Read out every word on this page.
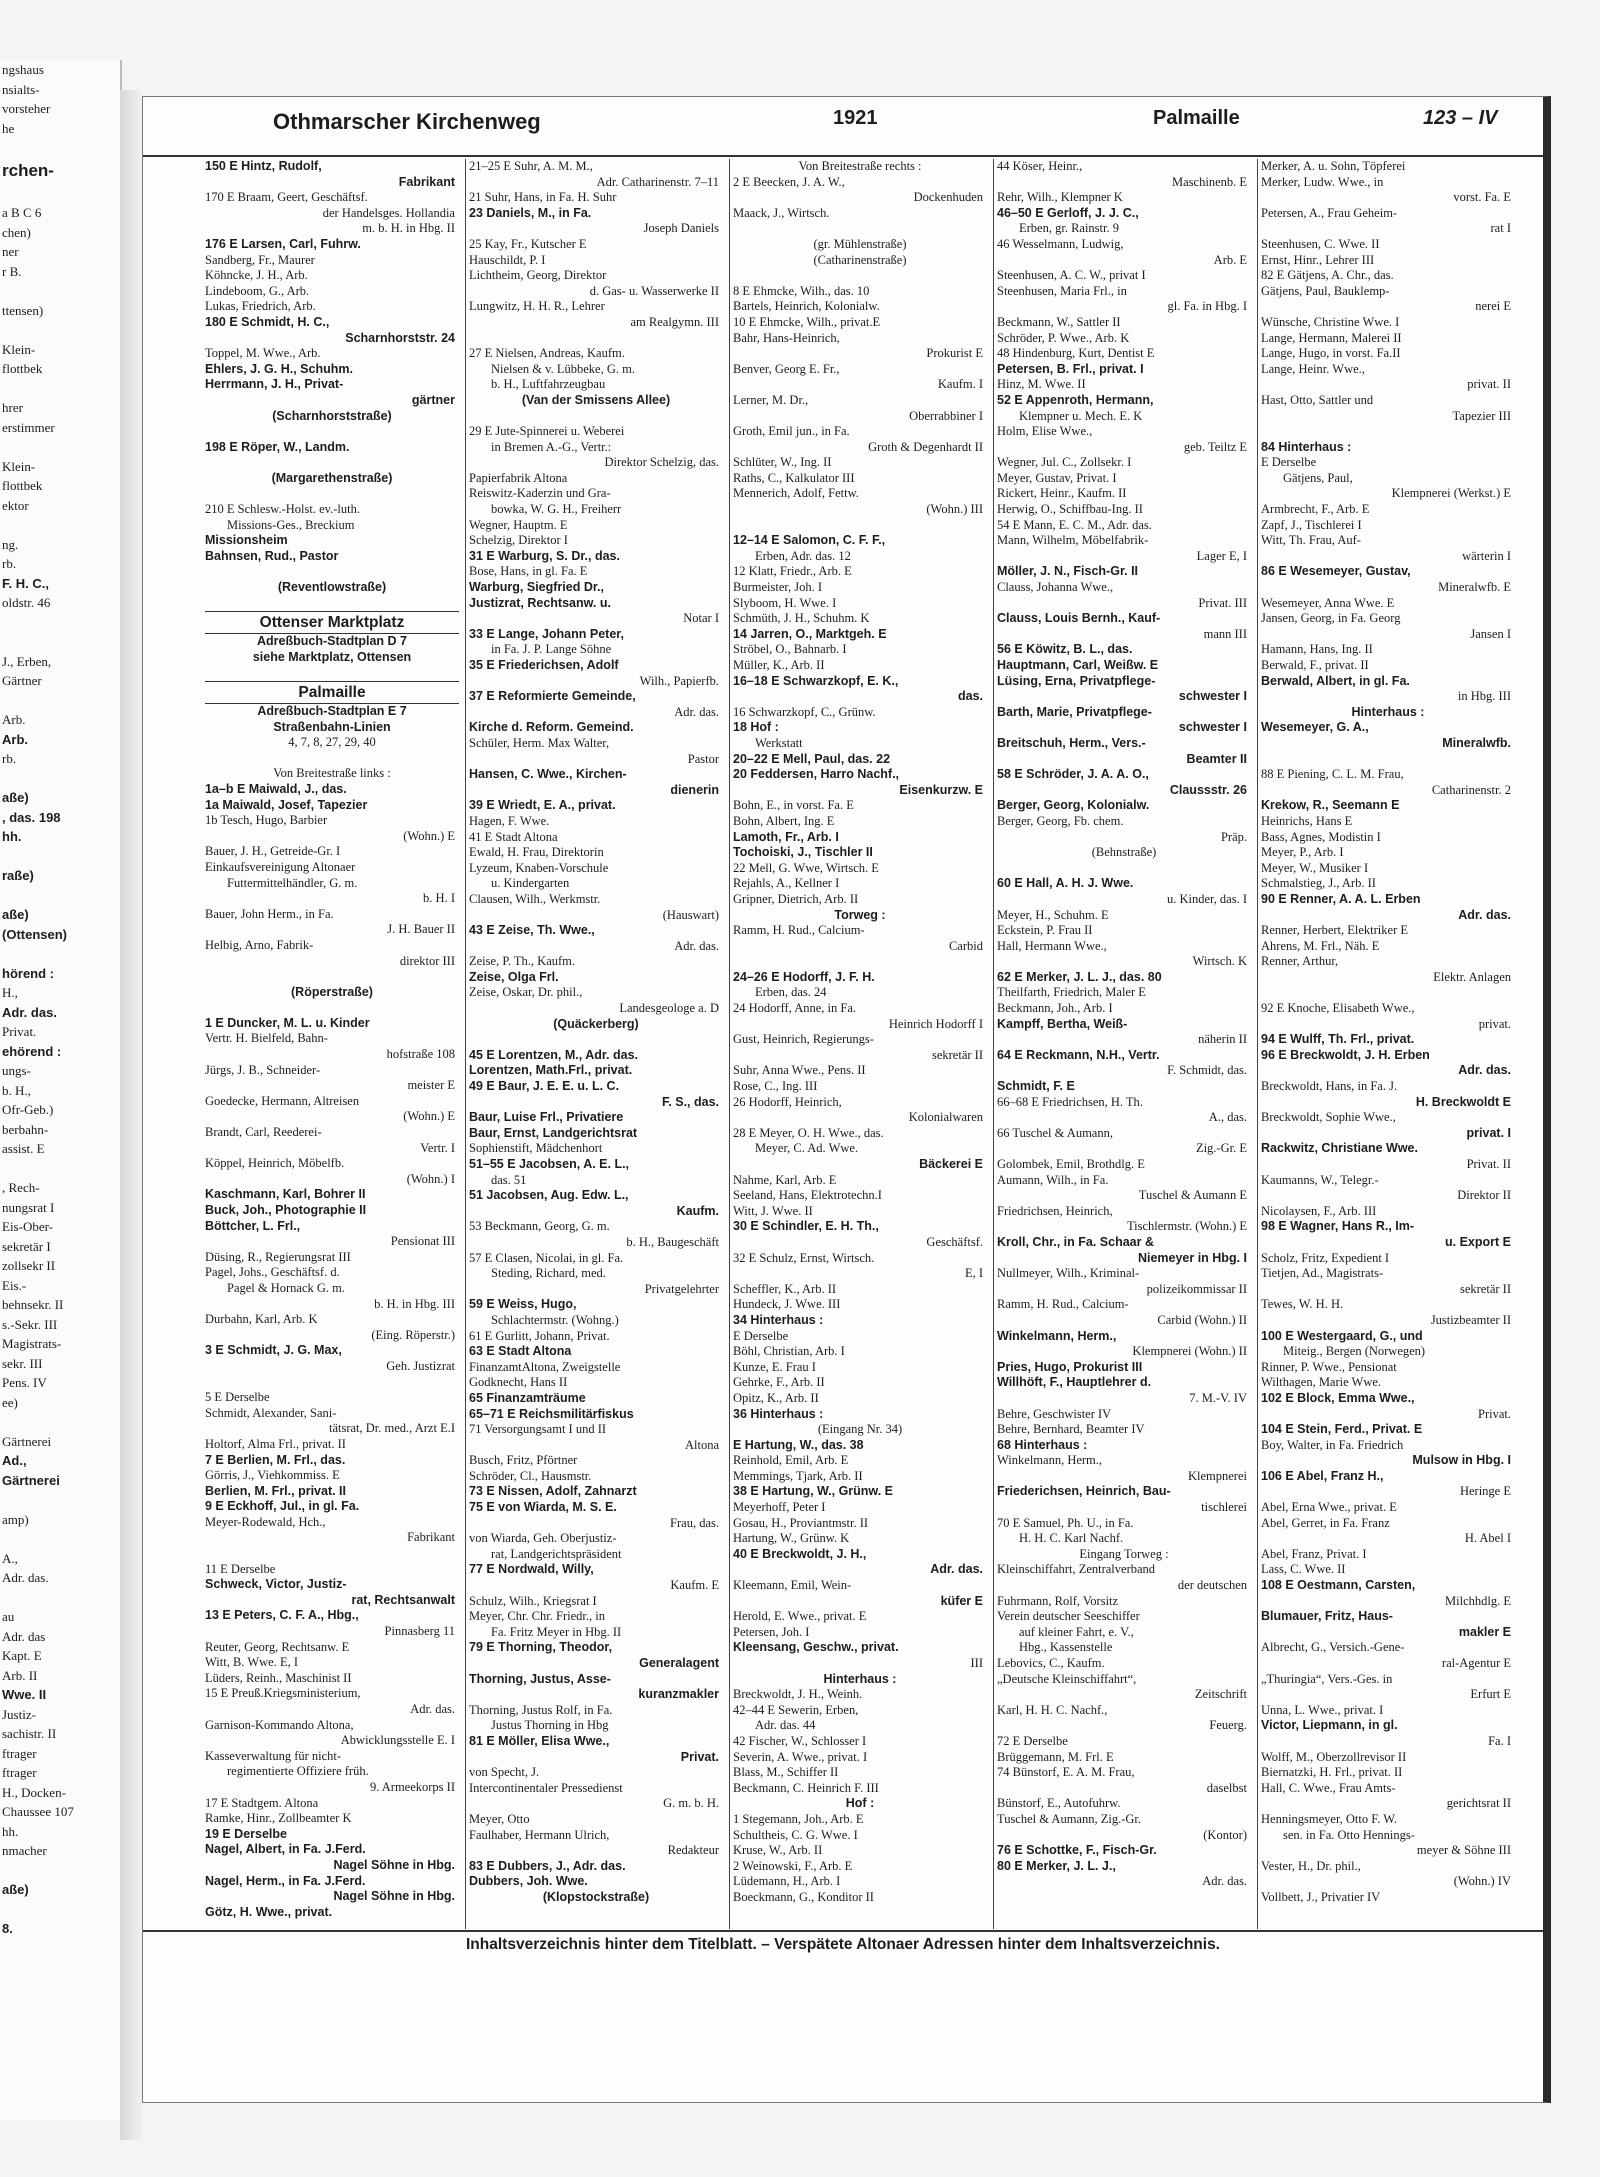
ngshaus
nsialts-
vorsteher
he

rchen-

a B C 6
chen)
ner
r B.

ttensen)

Klein-
flottbek

hrer
erstimmer

Klein-
flottbek
ektor

ng.
rb.
F. H. C.,
oldstr. 46

J., Erben,
Gärtner

Arb.
Arb.
rb.

aße)
, das. 198
hh.

raße)

aße)
(Ottensen)

hörend :
H.,
Adr. das.
Privat.
ehörend :
ungs-
b. H.,
Ofr-Geb.)
berbahn-
assist. E

, Rech-
nungsrat I
Eis-Ober-
sekretär I
zollsekr II
Eis.-
behnsekr. II
s.-Sekr. III
Magistrats-
sekr. III
Pens. IV
ee)

Gärtnerei
Ad.,
Gärtnerei

amp)

A.,
Adr. das.

au
Adr. das
Kapt. E
Arb. II
Wwe. II
Justiz-
sachistr. II
ftrager
ftrager
H., Docken-
Chaussee 107
hh.
nmacher

aße)

8.
Othmarscher Kirchenweg	1921	Palmaille	123 – IV
150 E Hintz, Rudolf,
Fabrikant
170 E Braam, Geert, Geschäftsf.
der Handelsges. Hollandia
m. b. H. in Hbg. II
176 E Larsen, Carl, Fuhrw.
Sandberg, Fr., Maurer
Köhncke, J. H., Arb.
Lindeboom, G., Arb.
Lukas, Friedrich, Arb.
180 E Schmidt, H. C.,
Scharnhorststr. 24
Toppel, M. Wwe., Arb.
Ehlers, J. G. H., Schuhm.
Herrmann, J. H., Privat-
gärtner
(Scharnhorststraße)

198 E Röper, W., Landm.

(Margarethenstraße)

210 E Schlesw.-Holst. ev.-luth.
Missions-Ges., Breckium
Missionsheim
Bahnsen, Rud., Pastor

(Reventlowstraße)

Ottenser Marktplatz
Adreßbuch-Stadtplan D 7
siehe Marktplatz, Ottensen

Palmaille
Adreßbuch-Stadtplan E 7
Straßenbahn-Linien
4, 7, 8, 27, 29, 40

Von Breitestraße links :
1a–b E Maiwald, J., das.
1a Maiwald, Josef, Tapezier
1b Tesch, Hugo, Barbier
(Wohn.) E
Bauer, J. H., Getreide-Gr. I
Einkaufsvereinigung Altonaer
Futtermittelhändler, G. m.
b. H. I
Bauer, John Herm., in Fa.
J. H. Bauer II
Helbig, Arno, Fabrik-
direktor III

(Röperstraße)

1 E Duncker, M. L. u. Kinder
Vertr. H. Bielfeld, Bahn-
hofstraße 108
Jürgs, J. B., Schneider-
meister E
Goedecke, Hermann, Altreisen
(Wohn.) E
Brandt, Carl, Reederei-
Vertr. I
Köppel, Heinrich, Möbelfb.
(Wohn.) I
Kaschmann, Karl, Bohrer II
Buck, Joh., Photographie II
Böttcher, L. Frl.,
Pensionat III
Düsing, R., Regierungsrat III
Pagel, Johs., Geschäftsf. d.
Pagel & Hornack G. m.
b. H. in Hbg. III
Durbahn, Karl, Arb. K
(Eing. Röperstr.)
3 E Schmidt, J. G. Max,
Geh. Justizrat

5 E Derselbe
Schmidt, Alexander, Sani-
tätsrat, Dr. med., Arzt E.I
Holtorf, Alma Frl., privat. II
7 E Berlien, M. Frl., das.
Görris, J., Viehkommiss. E
Berlien, M. Frl., privat. II
9 E Eckhoff, Jul., in gl. Fa.
Meyer-Rodewald, Hch.,
Fabrikant

11 E Derselbe
Schweck, Victor, Justiz-
rat, Rechtsanwalt
13 E Peters, C. F. A., Hbg.,
Pinnasberg 11
Reuter, Georg, Rechtsanw. E
Witt, B. Wwe. E, I
Lüders, Reinh., Maschinist II
15 E Preuß.Kriegsministerium,
Adr. das.
Garnison-Kommando Altona,
Abwicklungsstelle E. I
Kasseverwaltung für nicht-
regimentierte Offiziere früh.
9. Armeekorps II
17 E Stadtgem. Altona
Ramke, Hinr., Zollbeamter K
19 E Derselbe
Nagel, Albert, in Fa. J.Ferd.
Nagel Söhne in Hbg.
Nagel, Herm., in Fa. J.Ferd.
Nagel Söhne in Hbg.
Götz, H. Wwe., privat.
21–25 E Suhr, A. M. M.,
Adr. Catharinenstr. 7–11
21 Suhr, Hans, in Fa. H. Suhr
23 Daniels, M., in Fa.
Joseph Daniels
25 Kay, Fr., Kutscher E
Hauschildt, P. I
Lichtheim, Georg, Direktor
d. Gas- u. Wasserwerke II
Lungwitz, H. H. R., Lehrer
am Realgymn. III

27 E Nielsen, Andreas, Kaufm.
Nielsen & v. Lübbeke, G. m.
b. H., Luftfahrzeugbau
(Van der Smissens Allee)

29 E Jute-Spinnerei u. Weberei
in Bremen A.-G., Vertr.:
Direktor Schelzig, das.
Papierfabrik Altona
Reiswitz-Kaderzin und Gra-
bowka, W. G. H., Freiherr
Wegner, Hauptm. E
Schelzig, Direktor I
31 E Warburg, S. Dr., das.
Bose, Hans, in gl. Fa. E
Warburg, Siegfried Dr.,
Justizrat, Rechtsanw. u.
Notar I
33 E Lange, Johann Peter,
in Fa. J. P. Lange Söhne
35 E Friederichsen, Adolf
Wilh., Papierfb.
37 E Reformierte Gemeinde,
Adr. das.
Kirche d. Reform. Gemeind.
Schüler, Herm. Max Walter,
Pastor
Hansen, C. Wwe., Kirchen-
dienerin
39 E Wriedt, E. A., privat.
Hagen, F. Wwe.
41 E Stadt Altona
Ewald, H. Frau, Direktorin
Lyzeum, Knaben-Vorschule
u. Kindergarten
Clausen, Wilh., Werkmstr.
(Hauswart)
43 E Zeise, Th. Wwe.,
Adr. das.
Zeise, P. Th., Kaufm.
Zeise, Olga Frl.
Zeise, Oskar, Dr. phil.,
Landesgeologe a. D
(Quäckerberg)

45 E Lorentzen, M., Adr. das.
Lorentzen, Math.Frl., privat.
49 E Baur, J. E. E. u. L. C.
F. S., das.
Baur, Luise Frl., Privatiere
Baur, Ernst, Landgerichtsrat
Sophienstift, Mädchenhort
51–55 E Jacobsen, A. E. L.,
das. 51
51 Jacobsen, Aug. Edw. L.,
Kaufm.
53 Beckmann, Georg, G. m.
b. H., Baugeschäft
57 E Clasen, Nicolai, in gl. Fa.
Steding, Richard, med.
Privatgelehrter
59 E Weiss, Hugo,
Schlachtermstr. (Wohng.)
61 E Gurlitt, Johann, Privat.
63 E Stadt Altona
FinanzamtAltona, Zweigstelle
Godknecht, Hans II
65 Finanzamträume
65–71 E Reichsmilitärfiskus
71 Versorgungsamt I und II
Altona
Busch, Fritz, Pförtner
Schröder, Cl., Hausmstr.
73 E Nissen, Adolf, Zahnarzt
75 E von Wiarda, M. S. E.
Frau, das.
von Wiarda, Geh. Oberjustiz-
rat, Landgerichtspräsident
77 E Nordwald, Willy,
Kaufm. E
Schulz, Wilh., Kriegsrat I
Meyer, Chr. Chr. Friedr., in
Fa. Fritz Meyer in Hbg. II
79 E Thorning, Theodor,
Generalagent
Thorning, Justus, Asse-
kuranzmakler
Thorning, Justus Rolf, in Fa.
Justus Thorning in Hbg
81 E Möller, Elisa Wwe.,
Privat.
von Specht, J.
Intercontinentaler Pressedienst
G. m. b. H.
Meyer, Otto
Faulhaber, Hermann Ulrich,
Redakteur
83 E Dubbers, J., Adr. das.
Dubbers, Joh. Wwe.
(Klopstockstraße)
Von Breitestraße rechts :
2 E Beecken, J. A. W.,
Dockenhuden
Maack, J., Wirtsch.

(gr. Mühlenstraße)
(Catharinenstraße)

8 E Ehmcke, Wilh., das. 10
Bartels, Heinrich, Kolonialw.
10 E Ehmcke, Wilh., privat.E
Bahr, Hans-Heinrich,
Prokurist E
Benver, Georg E. Fr.,
Kaufm. I
Lerner, M. Dr.,
Oberrabbiner I
Groth, Emil jun., in Fa.
Groth & Degenhardt II
Schlüter, W., Ing. II
Raths, C., Kalkulator III
Mennerich, Adolf, Fettw.
(Wohn.) III

12–14 E Salomon, C. F. F.,
Erben, Adr. das. 12
12 Klatt, Friedr., Arb. E
Burmeister, Joh. I
Slyboom, H. Wwe. I
Schmüth, J. H., Schuhm. K
14 Jarren, O., Marktgeh. E
Ströbel, O., Bahnarb. I
Müller, K., Arb. II
16–18 E Schwarzkopf, E. K.,
das.
16 Schwarzkopf, C., Grünw.
18 Hof :
Werkstatt
20–22 E Mell, Paul, das. 22
20 Feddersen, Harro Nachf.,
Eisenkurzw. E
Bohn, E., in vorst. Fa. E
Bohn, Albert, Ing. E
Lamoth, Fr., Arb. I
Tochoiski, J., Tischler II
22 Mell, G. Wwe, Wirtsch. E
Rejahls, A., Kellner I
Gripner, Dietrich, Arb. II
Torweg :
Ramm, H. Rud., Calcium-
Carbid

24–26 E Hodorff, J. F. H.
Erben, das. 24
24 Hodorff, Anne, in Fa.
Heinrich Hodorff I
Gust, Heinrich, Regierungs-
sekretär II
Suhr, Anna Wwe., Pens. II
Rose, C., Ing. III
26 Hodorff, Heinrich,
Kolonialwaren
28 E Meyer, O. H. Wwe., das.
Meyer, C. Ad. Wwe.
Bäckerei E
Nahme, Karl, Arb. E
Seeland, Hans, Elektrotechn.I
Witt, J. Wwe. II
30 E Schindler, E. H. Th.,
Geschäftsf.
32 E Schulz, Ernst, Wirtsch.
E, I
Scheffler, K., Arb. II
Hundeck, J. Wwe. III
34 Hinterhaus :
E Derselbe
Böhl, Christian, Arb. I
Kunze, E. Frau I
Gehrke, F., Arb. II
Opitz, K., Arb. II
36 Hinterhaus :
(Eingang Nr. 34)
E Hartung, W., das. 38
Reinhold, Emil, Arb. E
Memmings, Tjark, Arb. II
38 E Hartung, W., Grünw. E
Meyerhoff, Peter I
Gosau, H., Proviantmstr. II
Hartung, W., Grünw. K
40 E Breckwoldt, J. H.,
Adr. das.
Kleemann, Emil, Wein-
küfer E
Herold, E. Wwe., privat. E
Petersen, Joh. I
Kleensang, Geschw., privat.
III
Hinterhaus :
Breckwoldt, J. H., Weinh.
42–44 E Sewerin, Erben,
Adr. das. 44
42 Fischer, W., Schlosser I
Severin, A. Wwe., privat. I
Blass, M., Schiffer II
Beckmann, C. Heinrich F. III
Hof :
1 Stegemann, Joh., Arb. E
Schultheis, C. G. Wwe. I
Kruse, W., Arb. II
2 Weinowski, F., Arb. E
Lüdemann, H., Arb. I
Boeckmann, G., Konditor II
44 Köser, Heinr.,
Maschinenb. E
Rehr, Wilh., Klempner K
46–50 E Gerloff, J. J. C.,
Erben, gr. Rainstr. 9
46 Wesselmann, Ludwig,
Arb. E
Steenhusen, A. C. W., privat I
Steenhusen, Maria Frl., in
gl. Fa. in Hbg. I
Beckmann, W., Sattler II
Schröder, P. Wwe., Arb. K
48 Hindenburg, Kurt, Dentist E
Petersen, B. Frl., privat. I
Hinz, M. Wwe. II
52 E Appenroth, Hermann,
Klempner u. Mech. E. K
Holm, Elise Wwe.,
geb. Teiltz E
Wegner, Jul. C., Zollsekr. I
Meyer, Gustav, Privat. I
Rickert, Heinr., Kaufm. II
Herwig, O., Schiffbau-Ing. II
54 E Mann, E. C. M., Adr. das.
Mann, Wilhelm, Möbelfabrik-
Lager E, I
Möller, J. N., Fisch-Gr. II
Clauss, Johanna Wwe.,
Privat. III
Clauss, Louis Bernh., Kauf-
mann III
56 E Köwitz, B. L., das.
Hauptmann, Carl, Weißw. E
Lüsing, Erna, Privatpflege-
schwester I
Barth, Marie, Privatpflege-
schwester I
Breitschuh, Herm., Vers.-
Beamter II
58 E Schröder, J. A. A. O.,
Claussstr. 26
Berger, Georg, Kolonialw.
Berger, Georg, Fb. chem.
Präp.
(Behnstraße)

60 E Hall, A. H. J. Wwe.
u. Kinder, das. I
Meyer, H., Schuhm. E
Eckstein, P. Frau II
Hall, Hermann Wwe.,
Wirtsch. K
62 E Merker, J. L. J., das. 80
Theilfarth, Friedrich, Maler E
Beckmann, Joh., Arb. I
Kampff, Bertha, Weiß-
näherin II
64 E Reckmann, N.H., Vertr.
F. Schmidt, das.
Schmidt, F. E
66–68 E Friedrichsen, H. Th.
A., das.
66 Tuschel & Aumann,
Zig.-Gr. E
Golombek, Emil, Brothdlg. E
Aumann, Wilh., in Fa.
Tuschel & Aumann E
Friedrichsen, Heinrich,
Tischlermstr. (Wohn.) E
Kroll, Chr., in Fa. Schaar &
Niemeyer in Hbg. I
Nullmeyer, Wilh., Kriminal-
polizeikommissar II
Ramm, H. Rud., Calcium-
Carbid (Wohn.) II
Winkelmann, Herm.,
Klempnerei (Wohn.) II
Pries, Hugo, Prokurist III
Willhöft, F., Hauptlehrer d.
7. M.-V. IV
Behre, Geschwister IV
Behre, Bernhard, Beamter IV
68 Hinterhaus :
Winkelmann, Herm.,
Klempnerei
Friederichsen, Heinrich, Bau-
tischlerei
70 E Samuel, Ph. U., in Fa.
H. H. C. Karl Nachf.
Eingang Torweg :
Kleinschiffahrt, Zentralverband
der deutschen
Fuhrmann, Rolf, Vorsitz
Verein deutscher Seeschiffer
auf kleiner Fahrt, e. V.,
Hbg., Kassenstelle
Lebovics, C., Kaufm.
„Deutsche Kleinschiffahrt“,
Zeitschrift
Karl, H. H. C. Nachf.,
Feuerg.
72 E Derselbe
Brüggemann, M. Frl. E
74 Bünstorf, E. A. M. Frau,
daselbst
Bünstorf, E., Autofuhrw.
Tuschel & Aumann, Zig.-Gr.
(Kontor)
76 E Schottke, F., Fisch-Gr.
80 E Merker, J. L. J.,
Adr. das.
Merker, A. u. Sohn, Töpferei
Merker, Ludw. Wwe., in
vorst. Fa. E
Petersen, A., Frau Geheim-
rat I
Steenhusen, C. Wwe. II
Ernst, Hinr., Lehrer III
82 E Gätjens, A. Chr., das.
Gätjens, Paul, Bauklemp-
nerei E
Wünsche, Christine Wwe. I
Lange, Hermann, Malerei II
Lange, Hugo, in vorst. Fa.II
Lange, Heinr. Wwe.,
privat. II
Hast, Otto, Sattler und
Tapezier III

84 Hinterhaus :
E Derselbe
Gätjens, Paul,
Klempnerei (Werkst.) E
Armbrecht, F., Arb. E
Zapf, J., Tischlerei I
Witt, Th. Frau, Auf-
wärterin I
86 E Wesemeyer, Gustav,
Mineralwfb. E
Wesemeyer, Anna Wwe. E
Jansen, Georg, in Fa. Georg
Jansen I
Hamann, Hans, Ing. II
Berwald, F., privat. II
Berwald, Albert, in gl. Fa.
in Hbg. III
Hinterhaus :
Wesemeyer, G. A.,
Mineralwfb.

88 E Piening, C. L. M. Frau,
Catharinenstr. 2
Krekow, R., Seemann E
Heinrichs, Hans E
Bass, Agnes, Modistin I
Meyer, P., Arb. I
Meyer, W., Musiker I
Schmalstieg, J., Arb. II
90 E Renner, A. A. L. Erben
Adr. das.
Renner, Herbert, Elektriker E
Ahrens, M. Frl., Näh. E
Renner, Arthur,
Elektr. Anlagen

92 E Knoche, Elisabeth Wwe.,
privat.
94 E Wulff, Th. Frl., privat.
96 E Breckwoldt, J. H. Erben
Adr. das.
Breckwoldt, Hans, in Fa. J.
H. Breckwoldt E
Breckwoldt, Sophie Wwe.,
privat. I
Rackwitz, Christiane Wwe.
Privat. II
Kaumanns, W., Telegr.-
Direktor II
Nicolaysen, F., Arb. III
98 E Wagner, Hans R., Im-
u. Export E
Scholz, Fritz, Expedient I
Tietjen, Ad., Magistrats-
sekretär II
Tewes, W. H. H.
Justizbeamter II
100 E Westergaard, G., und
Miteig., Bergen (Norwegen)
Rinner, P. Wwe., Pensionat
Wilthagen, Marie Wwe.
102 E Block, Emma Wwe.,
Privat.
104 E Stein, Ferd., Privat. E
Boy, Walter, in Fa. Friedrich
Mulsow in Hbg. I
106 E Abel, Franz H.,
Heringe E
Abel, Erna Wwe., privat. E
Abel, Gerret, in Fa. Franz
H. Abel I
Abel, Franz, Privat. I
Lass, C. Wwe. II
108 E Oestmann, Carsten,
Milchhdlg. E
Blumauer, Fritz, Haus-
makler E
Albrecht, G., Versich.-Gene-
ral-Agentur E
„Thuringia“, Vers.-Ges. in
Erfurt E
Unna, L. Wwe., privat. I
Victor, Liepmann, in gl.
Fa. I
Wolff, M., Oberzollrevisor II
Biernatzki, H. Frl., privat. II
Hall, C. Wwe., Frau Amts-
gerichtsrat II
Henningsmeyer, Otto F. W.
sen. in Fa. Otto Hennings-
meyer & Söhne III
Vester, H., Dr. phil.,
(Wohn.) IV
Vollbett, J., Privatier IV
Inhaltsverzeichnis hinter dem Titelblatt. – Verspätete Altonaer Adressen hinter dem Inhaltsverzeichnis.
